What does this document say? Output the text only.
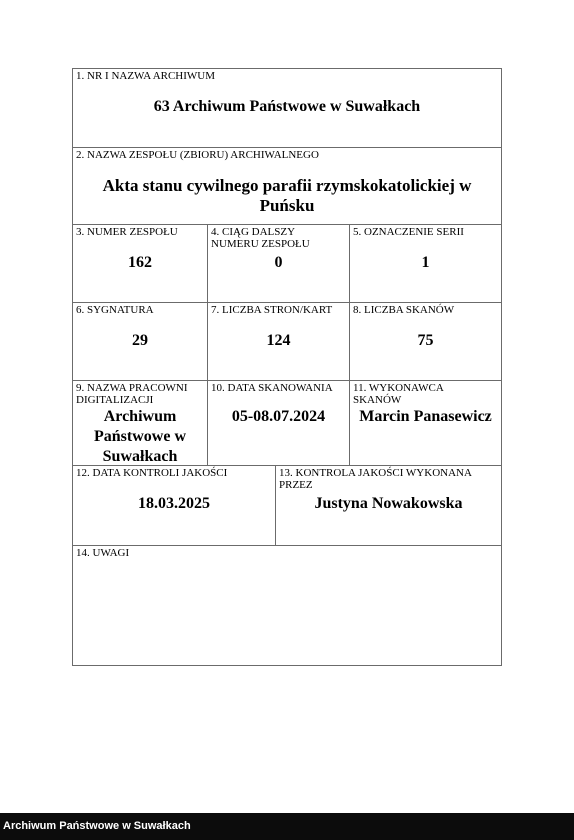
1. NR I NAZWA ARCHIWUM
63 Archiwum Państwowe w Suwałkach
2. NAZWA ZESPOŁU (ZBIORU) ARCHIWALNEGO
Akta stanu cywilnego parafii rzymskokatolickiej w
Puńsku
3. NUMER ZESPOŁU
162
4. CIĄG DALSZY
NUMERU ZESPOŁU
0
5. OZNACZENIE SERII
1
6. SYGNATURA
29
7. LICZBA STRON/KART
124
8. LICZBA SKANÓW
75
9. NAZWA PRACOWNI
DIGITALIZACJI
Archiwum
Państwowe w
Suwałkach
10. DATA SKANOWANIA
05-08.07.2024
11. WYKONAWCA
SKANÓW
Marcin Panasewicz
12. DATA KONTROLI JAKOŚCI
18.03.2025
13. KONTROLA JAKOŚCI WYKONANA
PRZEZ
Justyna Nowakowska
14. UWAGI
Archiwum Państwowe w Suwałkach
